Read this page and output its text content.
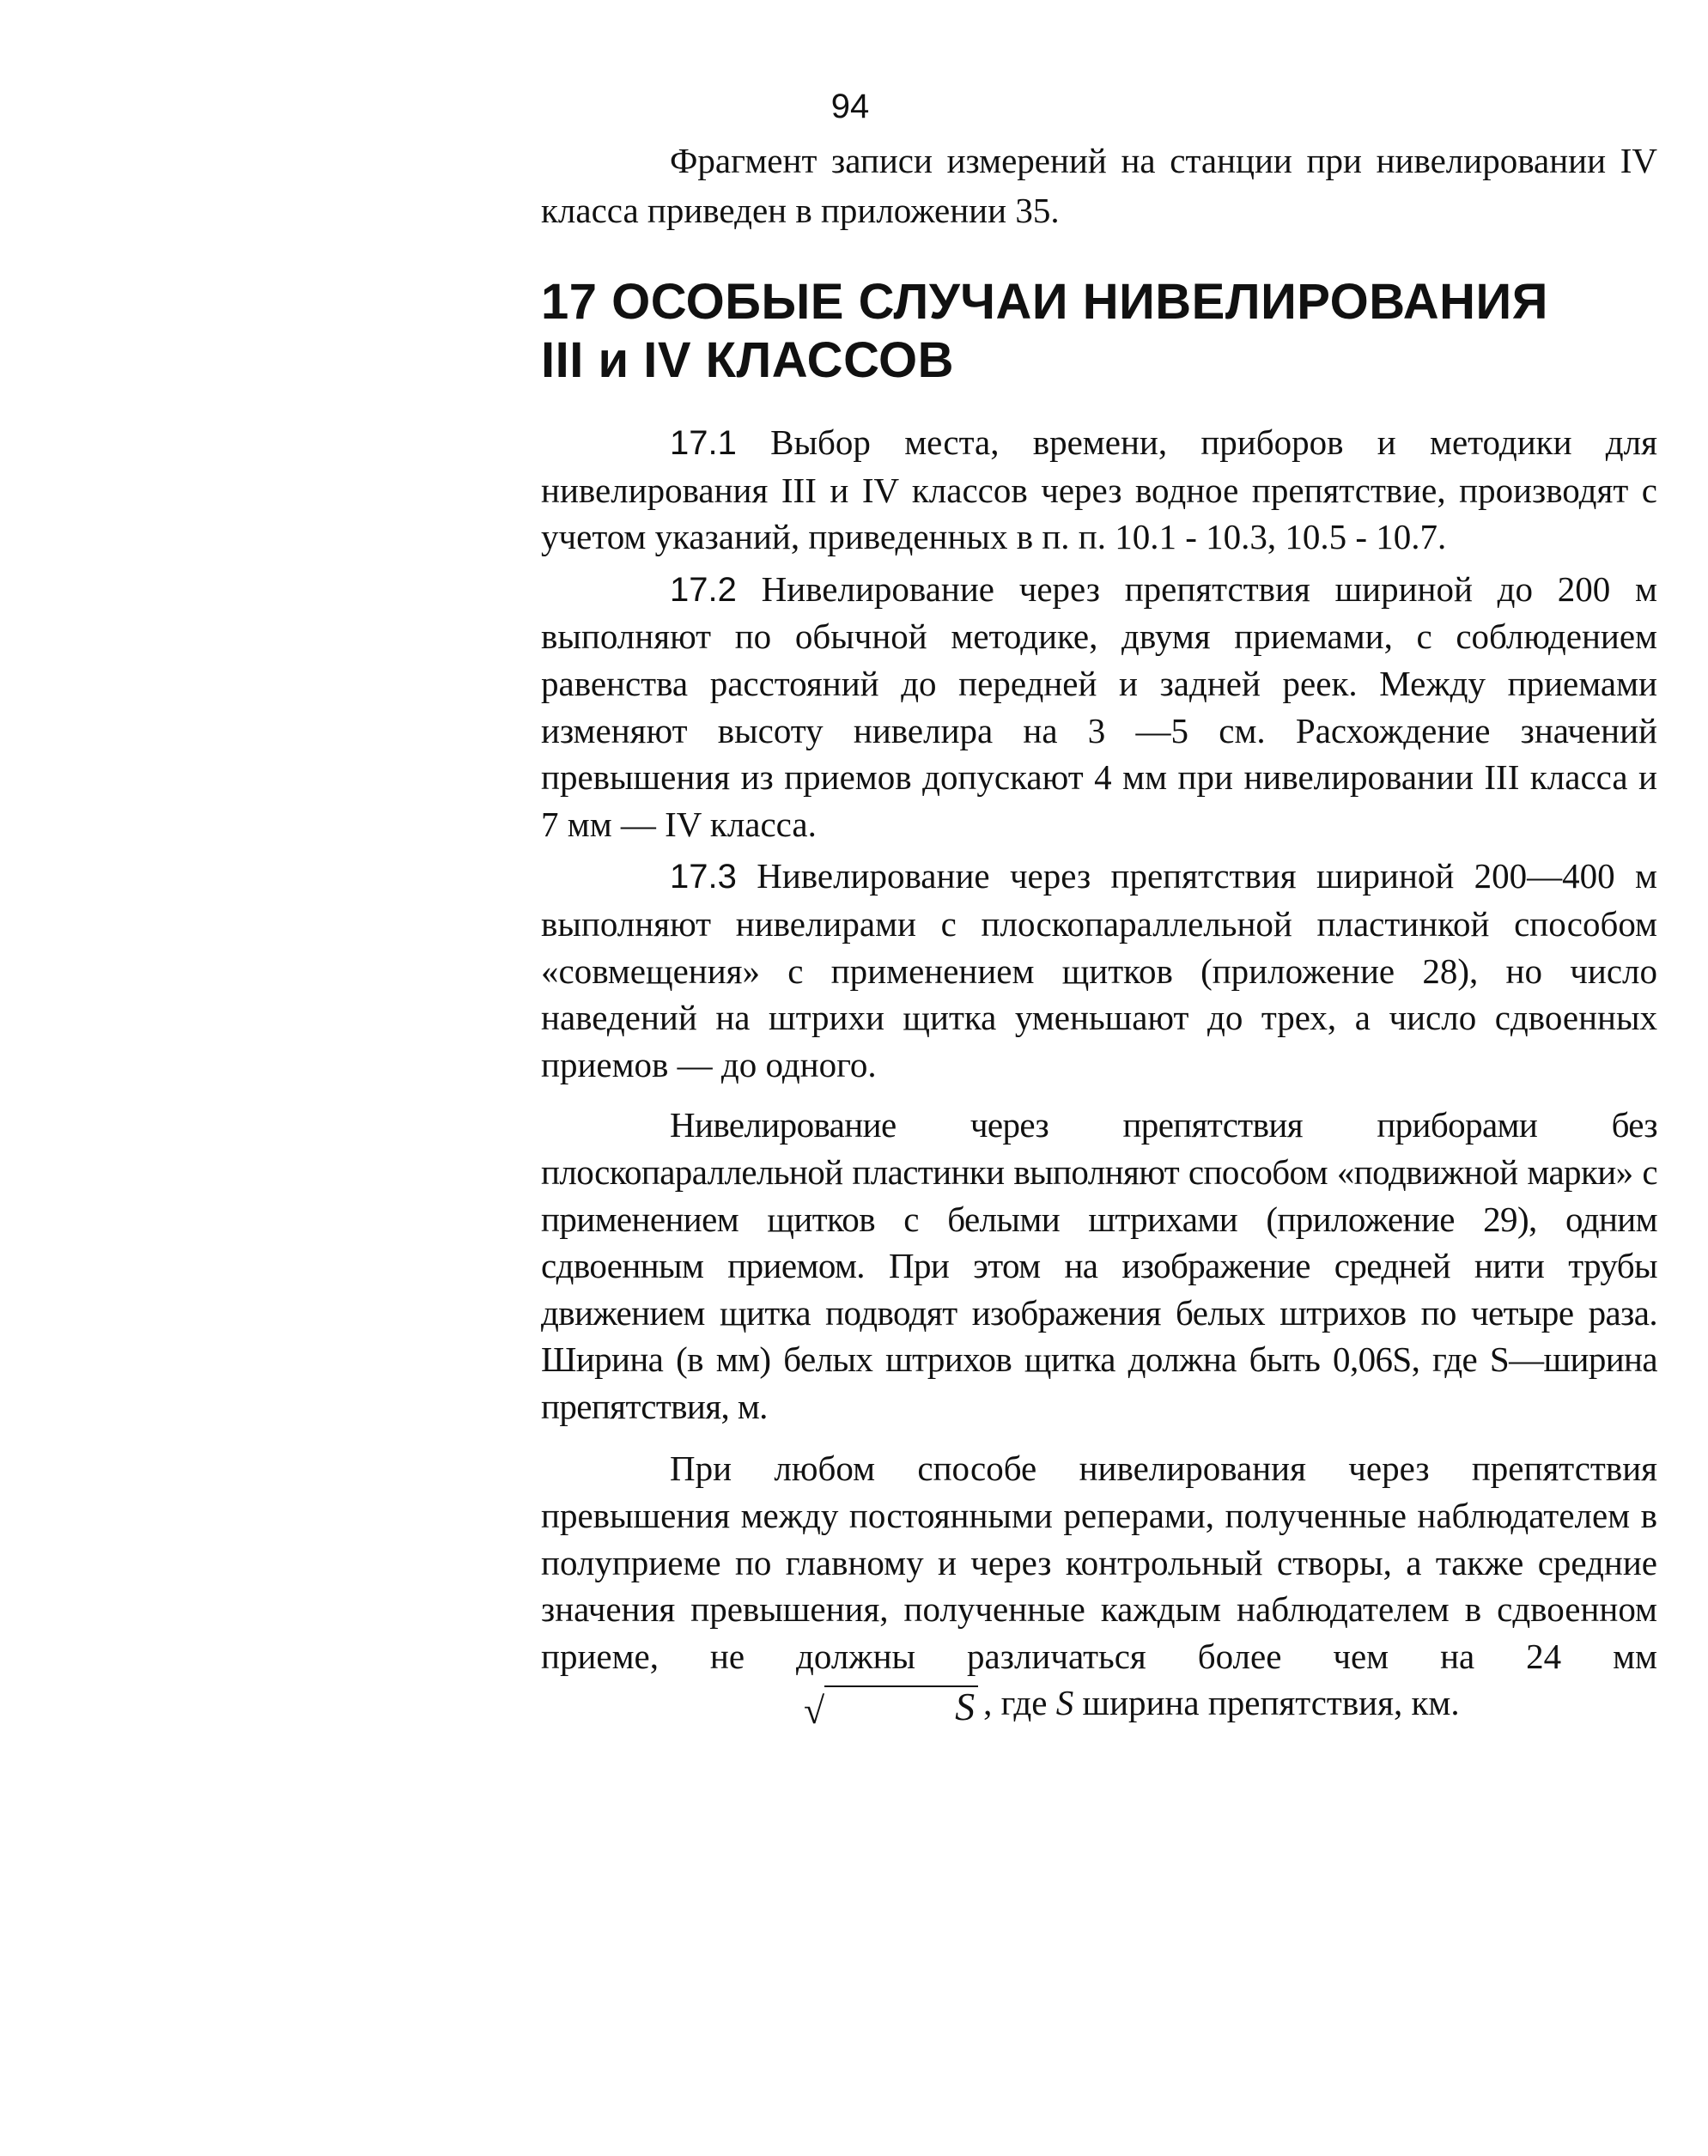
94

Фрагмент записи измерений на станции при нивелировании IV класса приведен в приложении 35.

17 ОСОБЫЕ СЛУЧАИ НИВЕЛИРОВАНИЯ
III и IV КЛАССОВ

17.1 Выбор места, времени, приборов и методики для нивелирования III и IV классов через водное препятствие, производят с учетом указаний, приведенных в п. п. 10.1 - 10.3, 10.5 - 10.7.

17.2 Нивелирование через препятствия шириной до 200 м выполняют по обычной методике, двумя приемами, с соблюдением равенства расстояний до передней и задней реек. Между приемами изменяют высоту нивелира на 3 —5 см. Расхождение значений превышения из приемов допускают 4 мм при нивелировании III класса и 7 мм — IV класса.

17.3 Нивелирование через препятствия шириной 200—400 м выполняют нивелирами с плоскопараллельной пластинкой способом «совмещения» с применением щитков (приложение 28), но число наведений на штрихи щитка уменьшают до трех, а число сдвоенных приемов — до одного.

Нивелирование через препятствия приборами без плоскопараллельной пластинки выполняют способом «подвижной марки» с применением щитков с белыми штрихами (приложение 29), одним сдвоенным приемом. При этом на изображение средней нити трубы движением щитка подводят изображения белых штрихов по четыре раза. Ширина (в мм) белых штрихов щитка должна быть 0,06S, где S—ширина препятствия, м.

При любом способе нивелирования через препятствия превышения между постоянными реперами, полученные наблюдателем в полуприеме по главному и через контрольный створы, а также средние значения превышения, полученные каждым наблюдателем в сдвоенном приеме, не должны различаться более чем на 24 мм√	S , где S ширина препятствия, км.
